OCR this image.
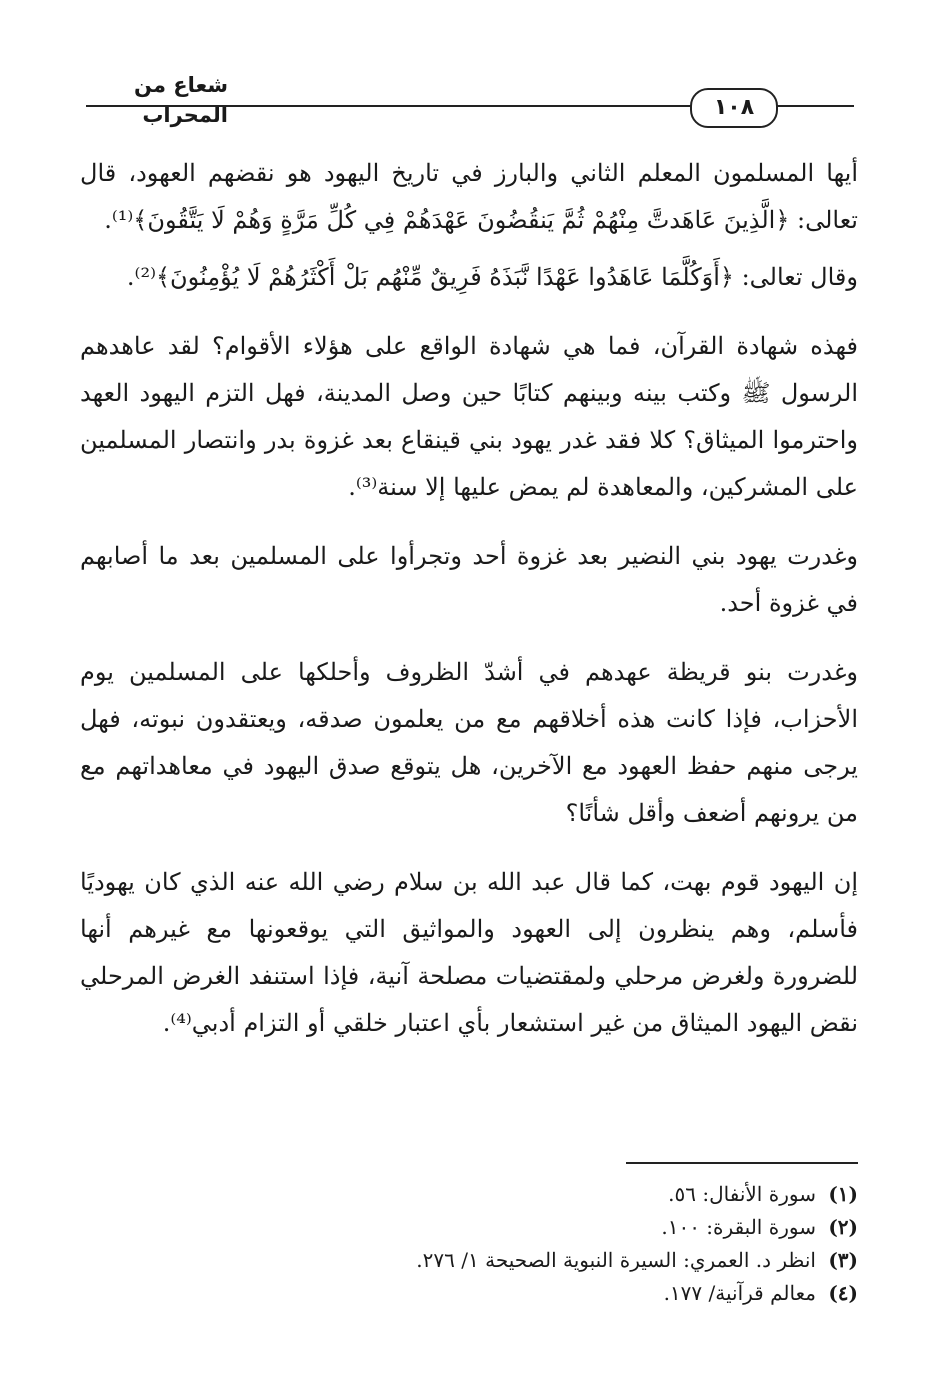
شعاع من المحراب	١٠٨

أيها المسلمون المعلم الثاني والبارز في تاريخ اليهود هو نقضهم العهود، قال تعالى: ﴿الَّذِينَ عَاهَدتَّ مِنْهُمْ ثُمَّ يَنقُضُونَ عَهْدَهُمْ فِي كُلِّ مَرَّةٍ وَهُمْ لَا يَتَّقُونَ﴾⁽¹⁾.

وقال تعالى: ﴿أَوَكُلَّمَا عَاهَدُوا عَهْدًا نَّبَذَهُ فَرِيقٌ مِّنْهُم بَلْ أَكْثَرُهُمْ لَا يُؤْمِنُونَ﴾⁽²⁾.

فهذه شهادة القرآن، فما هي شهادة الواقع على هؤلاء الأقوام؟ لقد عاهدهم الرسول ﷺ وكتب بينه وبينهم كتابًا حين وصل المدينة، فهل التزم اليهود العهد واحترموا الميثاق؟ كلا فقد غدر يهود بني قينقاع بعد غزوة بدر وانتصار المسلمين على المشركين، والمعاهدة لم يمض عليها إلا سنة⁽³⁾.

وغدرت يهود بني النضير بعد غزوة أحد وتجرأوا على المسلمين بعد ما أصابهم في غزوة أحد.

وغدرت بنو قريظة عهدهم في أشدّ الظروف وأحلكها على المسلمين يوم الأحزاب، فإذا كانت هذه أخلاقهم مع من يعلمون صدقه، ويعتقدون نبوته، فهل يرجى منهم حفظ العهود مع الآخرين، هل يتوقع صدق اليهود في معاهداتهم مع من يرونهم أضعف وأقل شأنًا؟

إن اليهود قوم بهت، كما قال عبد الله بن سلام رضي الله عنه الذي كان يهوديًا فأسلم، وهم ينظرون إلى العهود والمواثيق التي يوقعونها مع غيرهم أنها للضرورة ولغرض مرحلي ولمقتضيات مصلحة آنية، فإذا استنفد الغرض المرحلي نقض اليهود الميثاق من غير استشعار بأي اعتبار خلقي أو التزام أدبي⁽⁴⁾.

(١) سورة الأنفال: ٥٦.
(٢) سورة البقرة: ١٠٠.
(٣) انظر د. العمري: السيرة النبوية الصحيحة ١/ ٢٧٦.
(٤) معالم قرآنية/ ١٧٧.
